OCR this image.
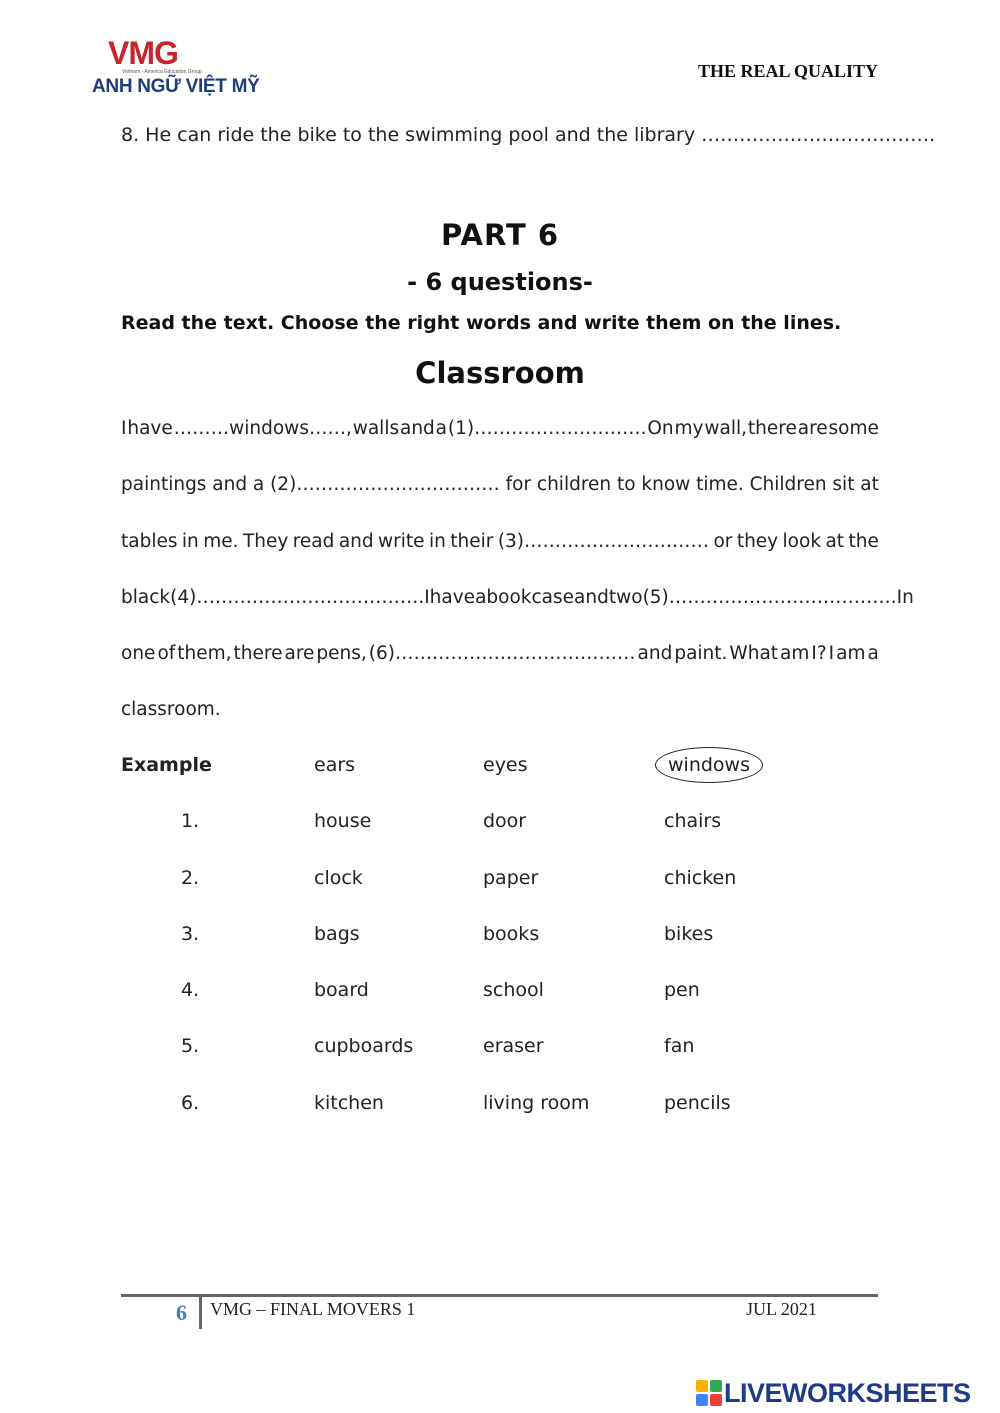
VMG
Vietnam - America Education Group
ANH NGỮ VIỆT MỸ
THE REAL QUALITY
8. He can ride the bike to the swimming pool and the library ……………………………….
PART 6
- 6 questions-
Read the text. Choose the right words and write them on the lines.
Classroom
I have ………windows……, walls and a (1)………………………. On my wall, there are some
paintings and a (2)…………………………… for children to know time. Children sit at
tables in me. They read and write in their (3)………………………… or they look at the
black (4)………………………………. I have a bookcase and two (5)………………………………. In
one of them, there are pens, (6)………………………………… and paint. What am I? I am a
classroom.
Example	ears	eyes	windows
1.	house	door	chairs
2.	clock	paper	chicken
3.	bags	books	bikes
4.	board	school	pen
5.	cupboards	eraser	fan
6.	kitchen	living room	pencils
6 VMG – FINAL MOVERS 1	JUL 2021
LIVEWORKSHEETS
